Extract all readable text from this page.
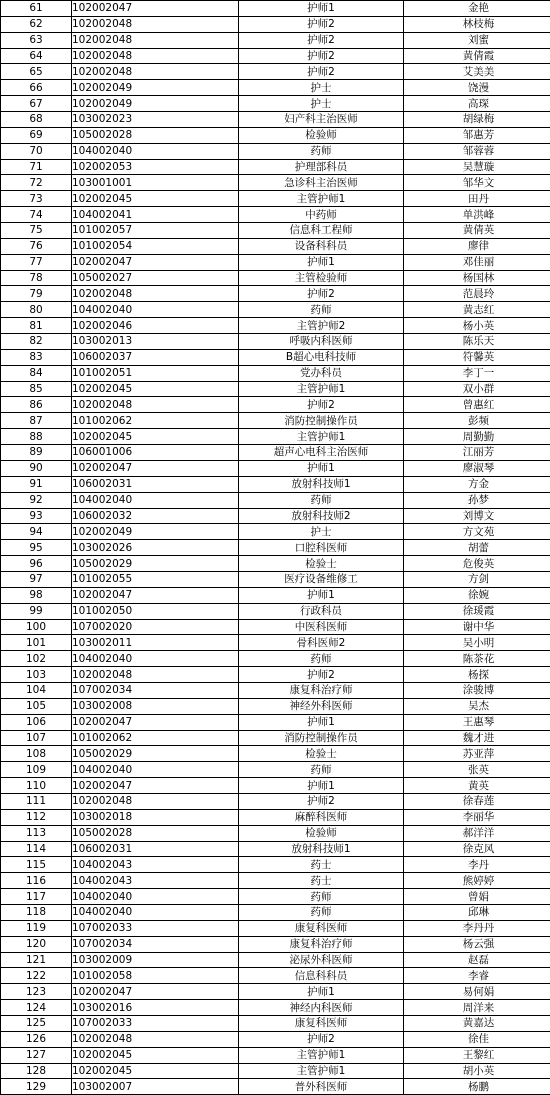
61	102002047	护师1	金艳
62	102002048	护师2	林枝梅
63	102002048	护师2	刘蜜
64	102002048	护师2	黄倩霞
65	102002048	护师2	艾美美
66	102002049	护士	饶漫
67	102002049	护士	高琛
68	103002023	妇产科主治医师	胡绿梅
69	105002028	检验师	邹惠芳
70	104002040	药师	邹蓉蓉
71	102002053	护理部科员	吴慧璇
72	103001001	急诊科主治医师	邹华文
73	102002045	主管护师1	田丹
74	104002041	中药师	单洪峰
75	101002057	信息科工程师	黄倩英
76	101002054	设备科科员	廖律
77	102002047	护师1	邓佳丽
78	105002027	主管检验师	杨国林
79	102002048	护师2	范晨玲
80	104002040	药师	黄志红
81	102002046	主管护师2	杨小英
82	103002013	呼吸内科医师	陈乐天
83	106002037	B超心电科技师	符馨英
84	101002051	党办科员	李丁一
85	102002045	主管护师1	双小群
86	102002048	护师2	曾惠红
87	101002062	消防控制操作员	彭频
88	102002045	主管护师1	周勤勤
89	106001006	超声心电科主治医师	江丽芳
90	102002047	护师1	廖淑琴
91	106002031	放射科技师1	方金
92	104002040	药师	孙梦
93	106002032	放射科技师2	刘博文
94	102002049	护士	方文苑
95	103002026	口腔科医师	胡蕾
96	105002029	检验士	危俊英
97	101002055	医疗设备维修工	方剑
98	102002047	护师1	徐婉
99	101002050	行政科员	徐瑗霞
100	107002020	中医科医师	谢中华
101	103002011	骨科医师2	吴小明
102	104002040	药师	陈茶花
103	102002048	护师2	杨探
104	107002034	康复科治疗师	涂骏博
105	103002008	神经外科医师	吴杰
106	102002047	护师1	王惠琴
107	101002062	消防控制操作员	魏才进
108	105002029	检验士	苏亚萍
109	104002040	药师	张英
110	102002047	护师1	黄英
111	102002048	护师2	徐春莲
112	103002018	麻醉科医师	李丽华
113	105002028	检验师	郝洋洋
114	106002031	放射科技师1	徐克风
115	104002043	药士	李丹
116	104002043	药士	熊婷婷
117	104002040	药师	曾娟
118	104002040	药师	邱琳
119	107002033	康复科医师	李丹丹
120	107002034	康复科治疗师	杨云强
121	103002009	泌尿外科医师	赵磊
122	101002058	信息科科员	李睿
123	102002047	护师1	易何娟
124	103002016	神经内科医师	周洋来
125	107002033	康复科医师	黄嘉达
126	102002048	护师2	徐佳
127	102002045	主管护师1	王黎红
128	102002045	主管护师1	胡小英
129	103002007	普外科医师	杨鹏
